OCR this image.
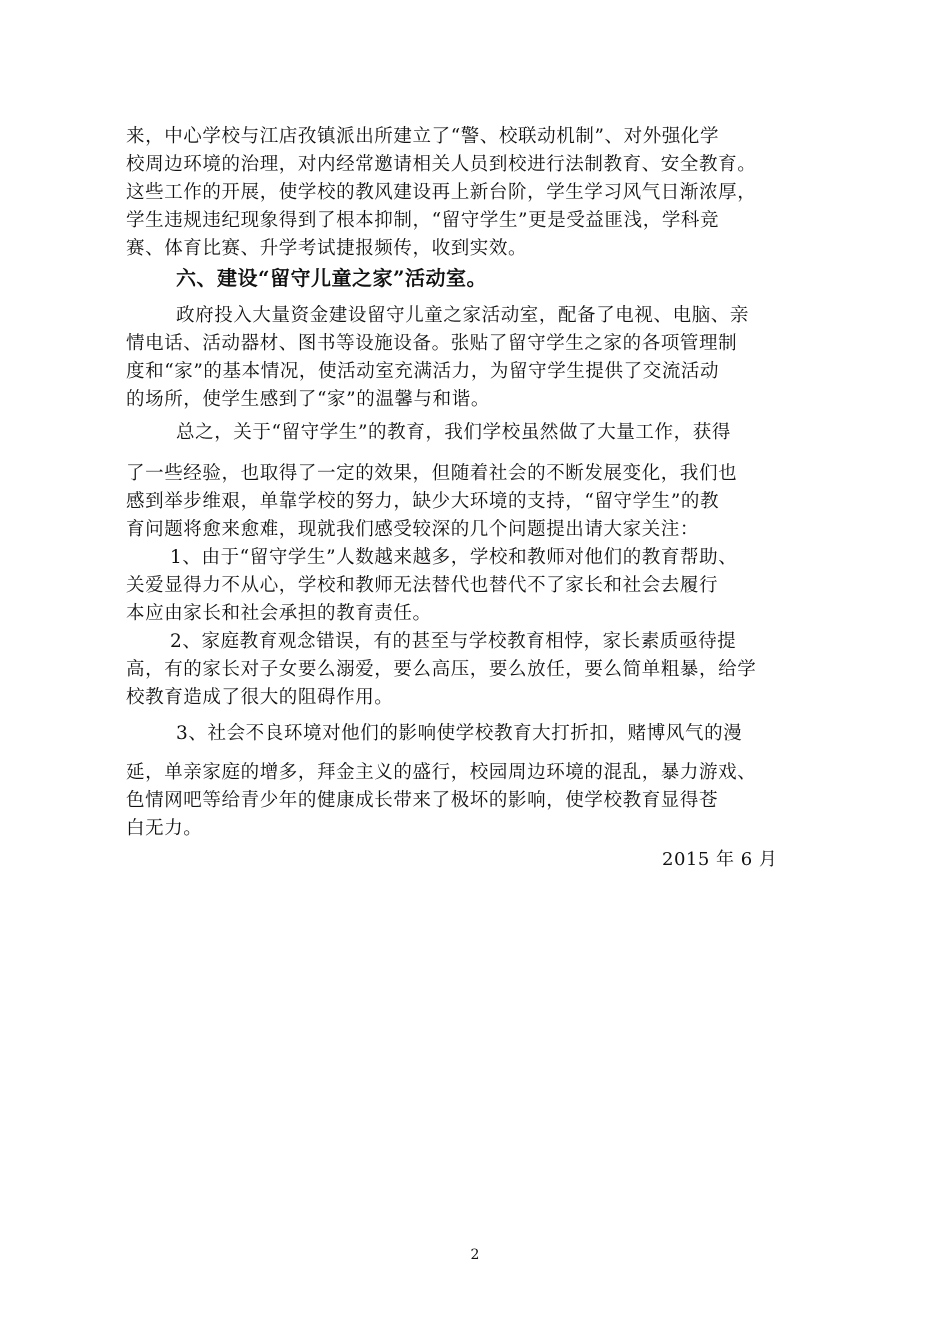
来，中心学校与江店孜镇派出所建立了“警、校联动机制”、对外强化学
校周边环境的治理，对内经常邀请相关人员到校进行法制教育、安全教育。
这些工作的开展，使学校的教风建设再上新台阶，学生学习风气日渐浓厚，
学生违规违纪现象得到了根本抑制，“留守学生”更是受益匪浅，学科竞
赛、体育比赛、升学考试捷报频传，收到实效。
六、建设“留守儿童之家”活动室。
政府投入大量资金建设留守儿童之家活动室，配备了电视、电脑、亲
情电话、活动器材、图书等设施设备。张贴了留守学生之家的各项管理制
度和“家”的基本情况，使活动室充满活力，为留守学生提供了交流活动
的场所，使学生感到了“家”的温馨与和谐。
总之，关于“留守学生”的教育，我们学校虽然做了大量工作，获得
了一些经验，也取得了一定的效果，但随着社会的不断发展变化，我们也
感到举步维艰，单靠学校的努力，缺少大环境的支持，“留守学生”的教
育问题将愈来愈难，现就我们感受较深的几个问题提出请大家关注：
1、由于“留守学生”人数越来越多，学校和教师对他们的教育帮助、
关爱显得力不从心，学校和教师无法替代也替代不了家长和社会去履行
本应由家长和社会承担的教育责任。
2、家庭教育观念错误，有的甚至与学校教育相悖，家长素质亟待提
高，有的家长对子女要么溺爱，要么高压，要么放任，要么简单粗暴，给学
校教育造成了很大的阻碍作用。
3、社会不良环境对他们的影响使学校教育大打折扣，赌博风气的漫
延，单亲家庭的增多，拜金主义的盛行，校园周边环境的混乱，暴力游戏、
色情网吧等给青少年的健康成长带来了极坏的影响，使学校教育显得苍
白无力。
2015 年 6 月
2
